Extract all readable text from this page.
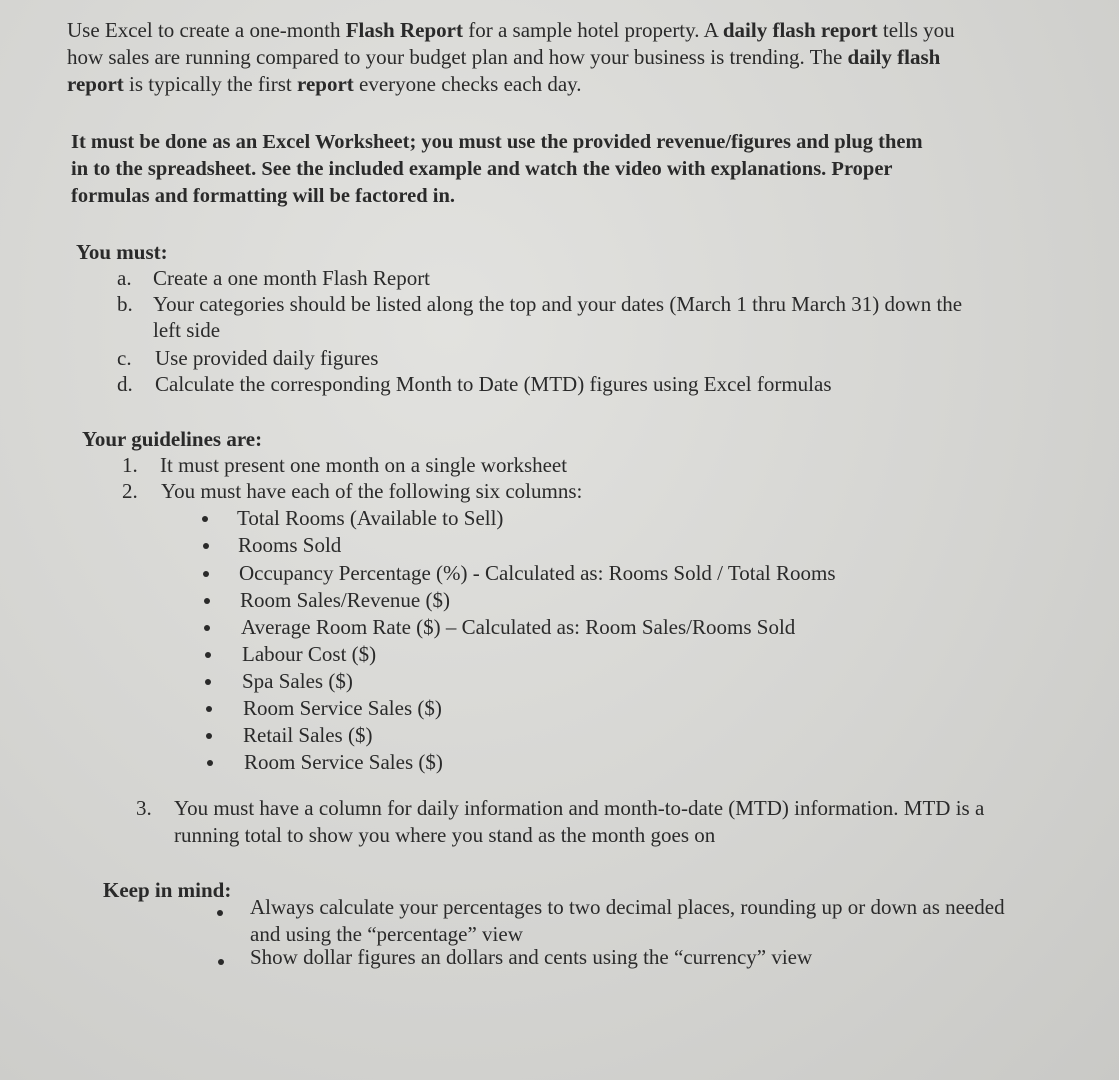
Use Excel to create a one-month Flash Report for a sample hotel property. A daily flash report tells you
how sales are running compared to your budget plan and how your business is trending. The daily flash
report is typically the first report everyone checks each day.
It must be done as an Excel Worksheet; you must use the provided revenue/figures and plug them
in to the spreadsheet. See the included example and watch the video with explanations. Proper
formulas and formatting will be factored in.
You must:
a. Create a one month Flash Report
b. Your categories should be listed along the top and your dates (March 1 thru March 31) down the
left side
c. Use provided daily figures
d. Calculate the corresponding Month to Date (MTD) figures using Excel formulas
Your guidelines are:
1. It must present one month on a single worksheet
2. You must have each of the following six columns:
Total Rooms (Available to Sell)
Rooms Sold
Occupancy Percentage (%) - Calculated as: Rooms Sold / Total Rooms
Room Sales/Revenue ($)
Average Room Rate ($) – Calculated as: Room Sales/Rooms Sold
Labour Cost ($)
Spa Sales ($)
Room Service Sales ($)
Retail Sales ($)
Room Service Sales ($)
3. You must have a column for daily information and month-to-date (MTD) information. MTD is a
running total to show you where you stand as the month goes on
Keep in mind:
Always calculate your percentages to two decimal places, rounding up or down as needed
and using the “percentage” view
Show dollar figures an dollars and cents using the “currency” view
